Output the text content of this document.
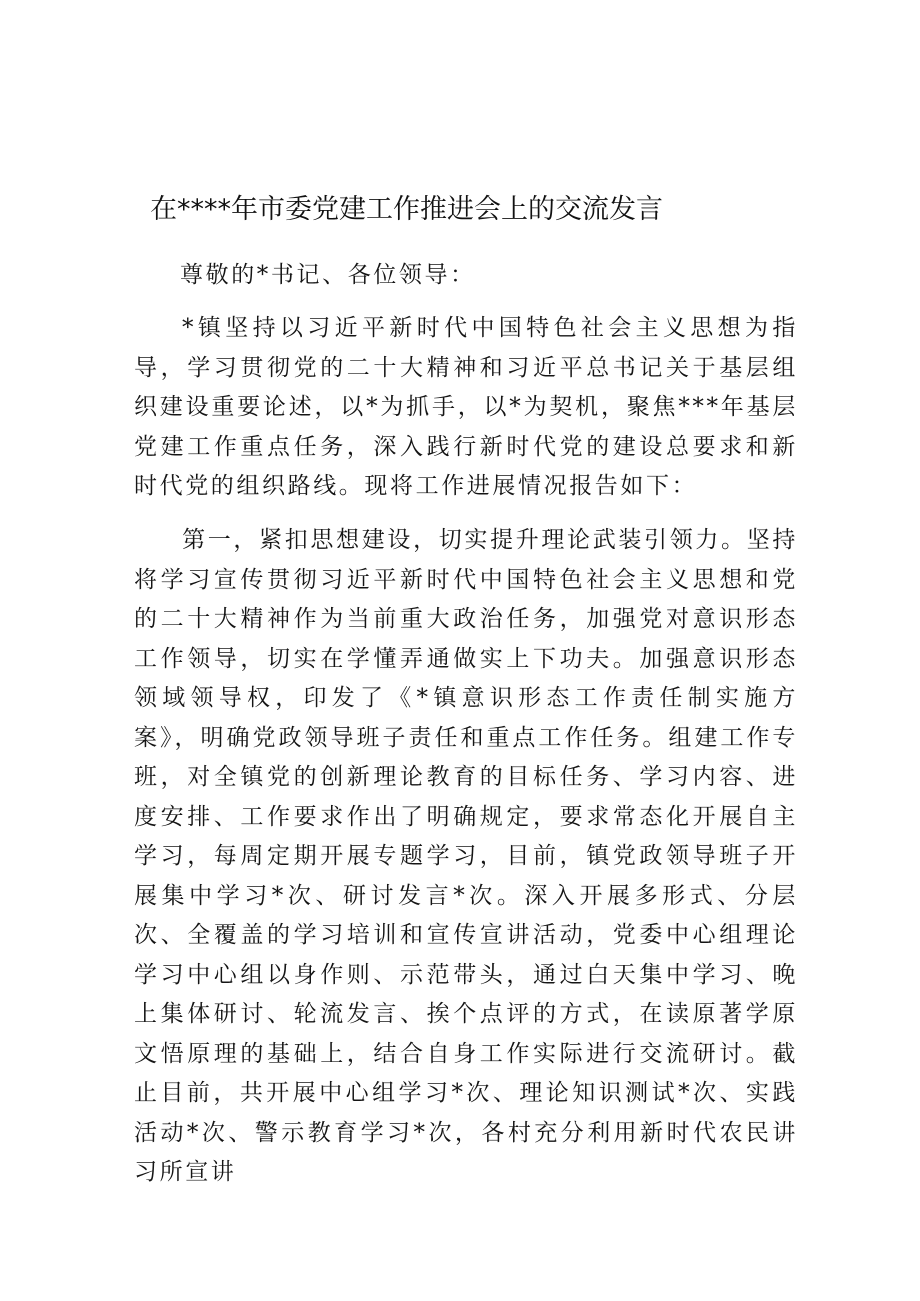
在****年市委党建工作推进会上的交流发言

尊敬的*书记、各位领导：

*镇坚持以习近平新时代中国特色社会主义思想为指导，学习贯彻党的二十大精神和习近平总书记关于基层组织建设重要论述，以*为抓手，以*为契机，聚焦***年基层党建工作重点任务，深入践行新时代党的建设总要求和新时代党的组织路线。现将工作进展情况报告如下：

第一，紧扣思想建设，切实提升理论武装引领力。坚持将学习宣传贯彻习近平新时代中国特色社会主义思想和党的二十大精神作为当前重大政治任务，加强党对意识形态工作领导，切实在学懂弄通做实上下功夫。加强意识形态领域领导权，印发了《*镇意识形态工作责任制实施方案》，明确党政领导班子责任和重点工作任务。组建工作专班，对全镇党的创新理论教育的目标任务、学习内容、进度安排、工作要求作出了明确规定，要求常态化开展自主学习，每周定期开展专题学习，目前，镇党政领导班子开展集中学习*次、研讨发言*次。深入开展多形式、分层次、全覆盖的学习培训和宣传宣讲活动，党委中心组理论学习中心组以身作则、示范带头，通过白天集中学习、晚上集体研讨、轮流发言、挨个点评的方式，在读原著学原文悟原理的基础上，结合自身工作实际进行交流研讨。截止目前，共开展中心组学习*次、理论知识测试*次、实践活动*次、警示教育学习*次，各村充分利用新时代农民讲习所宣讲
